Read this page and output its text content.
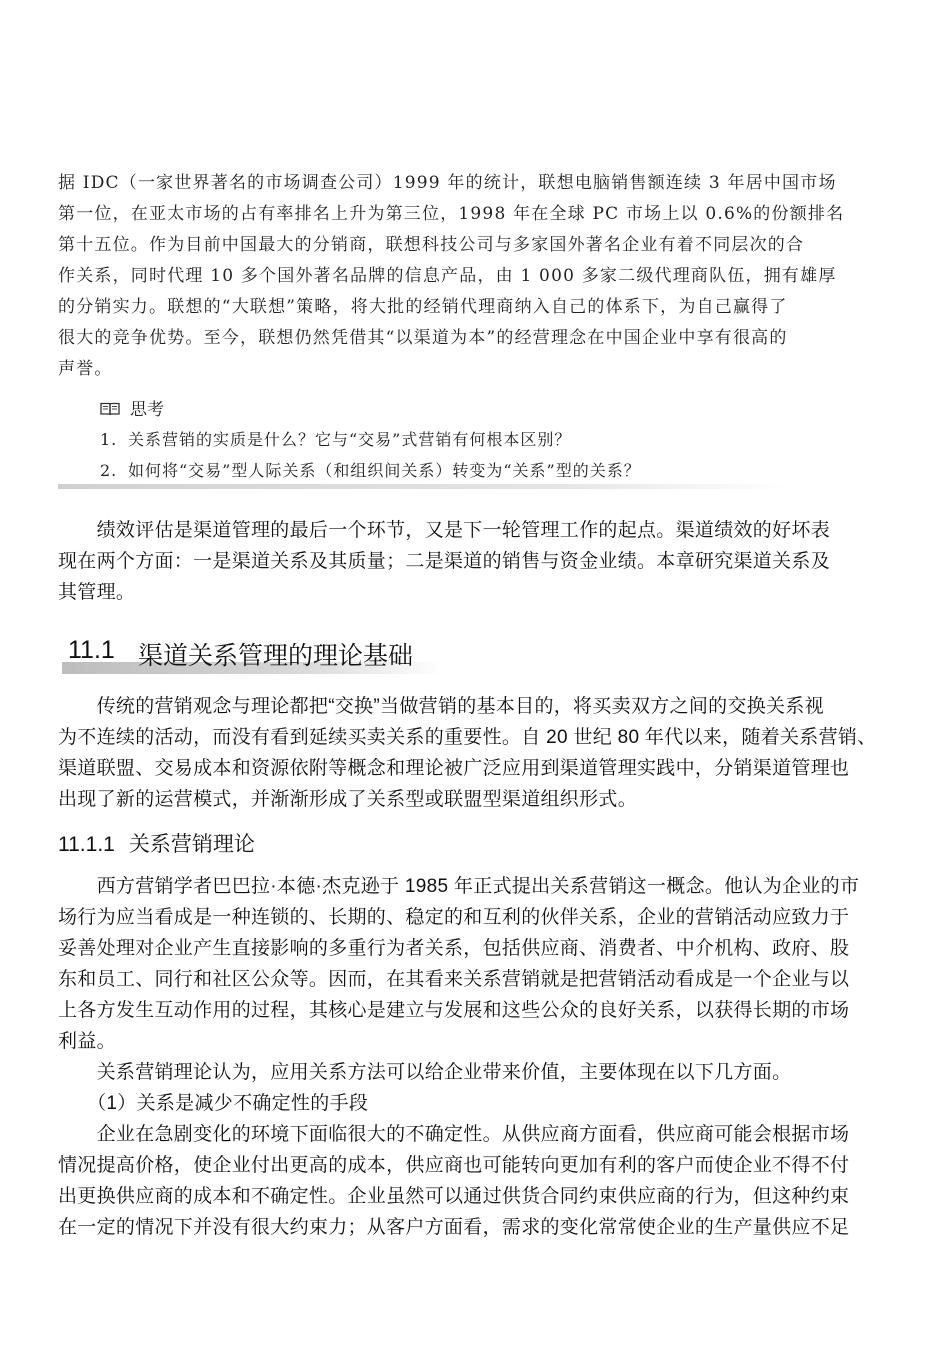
据 IDC（一家世界著名的市场调查公司）1999 年的统计，联想电脑销售额连续 3 年居中国市场
第一位，在亚太市场的占有率排名上升为第三位，1998 年在全球 PC 市场上以 0.6%的份额排名
第十五位。作为目前中国最大的分销商，联想科技公司与多家国外著名企业有着不同层次的合
作关系，同时代理 10 多个国外著名品牌的信息产品，由 1 000 多家二级代理商队伍，拥有雄厚
的分销实力。联想的“大联想”策略，将大批的经销代理商纳入自己的体系下，为自己赢得了
很大的竞争优势。至今，联想仍然凭借其“以渠道为本”的经营理念在中国企业中享有很高的
声誉。
思考
1. 关系营销的实质是什么？它与“交易”式营销有何根本区别？
2. 如何将“交易”型人际关系（和组织间关系）转变为“关系”型的关系？
　　绩效评估是渠道管理的最后一个环节，又是下一轮管理工作的起点。渠道绩效的好坏表
现在两个方面：一是渠道关系及其质量；二是渠道的销售与资金业绩。本章研究渠道关系及
其管理。
11.1 渠道关系管理的理论基础
　　传统的营销观念与理论都把“交换”当做营销的基本目的，将买卖双方之间的交换关系视
为不连续的活动，而没有看到延续买卖关系的重要性。自 20 世纪 80 年代以来，随着关系营销、
渠道联盟、交易成本和资源依附等概念和理论被广泛应用到渠道管理实践中，分销渠道管理也
出现了新的运营模式，并渐渐形成了关系型或联盟型渠道组织形式。
11.1.1 关系营销理论
　　西方营销学者巴巴拉·本德·杰克逊于 1985 年正式提出关系营销这一概念。他认为企业的市
场行为应当看成是一种连锁的、长期的、稳定的和互利的伙伴关系，企业的营销活动应致力于
妥善处理对企业产生直接影响的多重行为者关系，包括供应商、消费者、中介机构、政府、股
东和员工、同行和社区公众等。因而，在其看来关系营销就是把营销活动看成是一个企业与以
上各方发生互动作用的过程，其核心是建立与发展和这些公众的良好关系，以获得长期的市场
利益。
　　关系营销理论认为，应用关系方法可以给企业带来价值，主要体现在以下几方面。
　　（1）关系是减少不确定性的手段
　　企业在急剧变化的环境下面临很大的不确定性。从供应商方面看，供应商可能会根据市场
情况提高价格，使企业付出更高的成本，供应商也可能转向更加有利的客户而使企业不得不付
出更换供应商的成本和不确定性。企业虽然可以通过供货合同约束供应商的行为，但这种约束
在一定的情况下并没有很大约束力；从客户方面看，需求的变化常常使企业的生产量供应不足
